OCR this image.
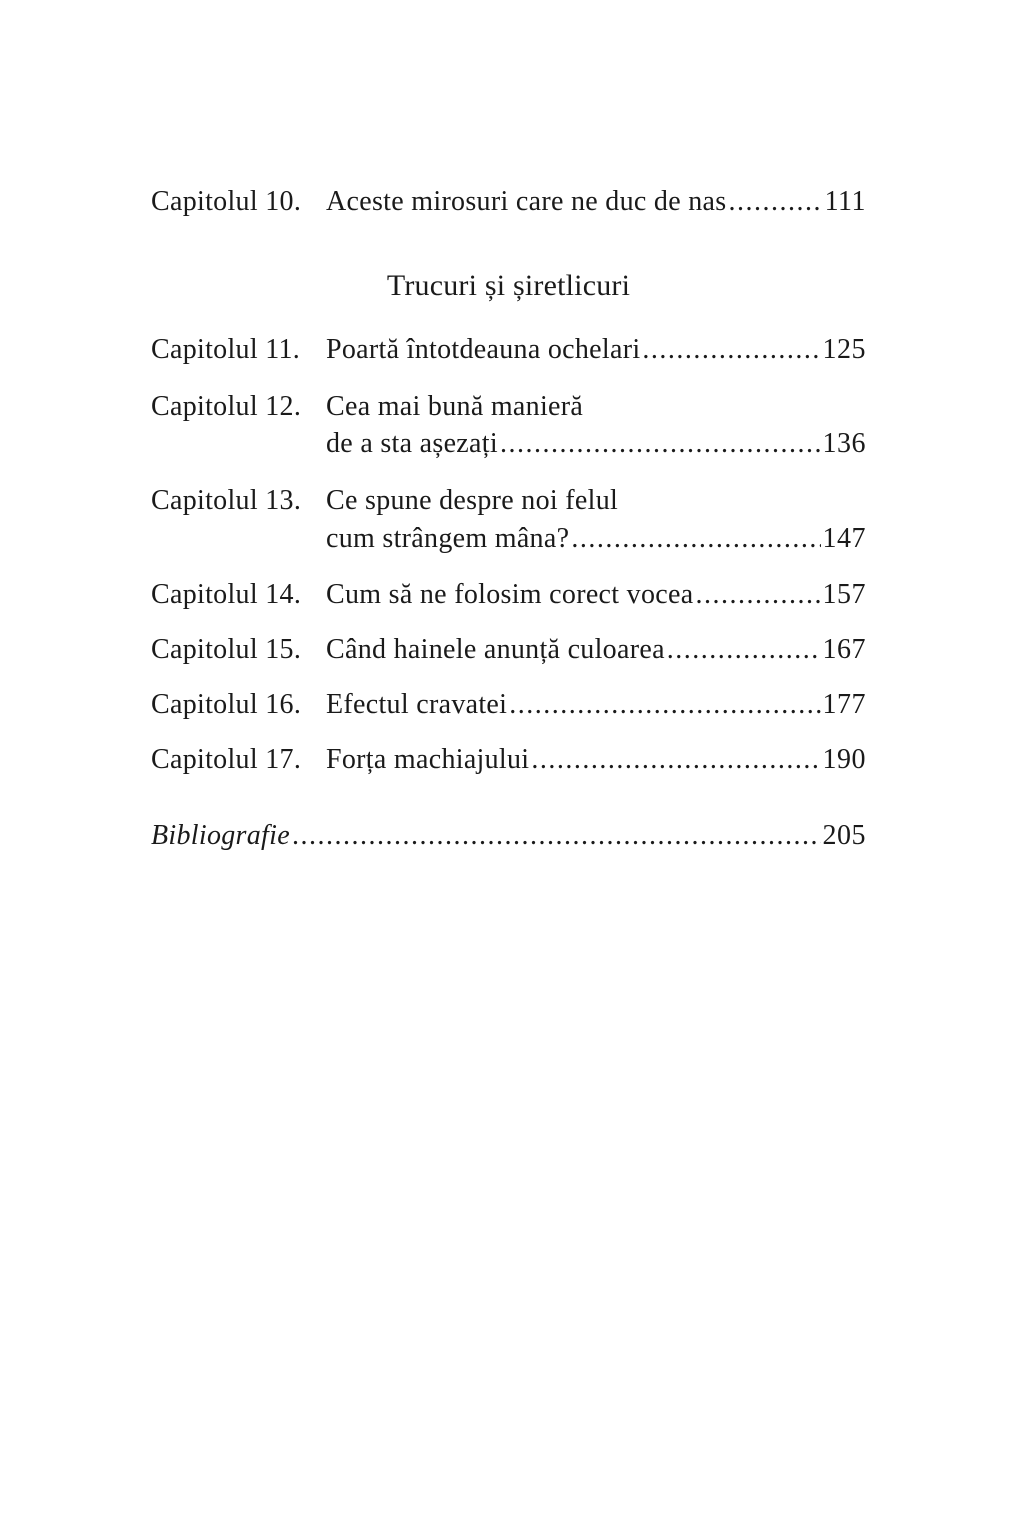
Capitolul 10. Aceste mirosuri care ne duc de nas .....	111
Trucuri și șiretlicuri
Capitolul 11. Poartă întotdeauna ochelari .....	125
Capitolul 12. Cea mai bună manieră
de a sta așezați .....	136
Capitolul 13. Ce spune despre noi felul
cum strângem mâna? .....	147
Capitolul 14. Cum să ne folosim corect vocea .....	157
Capitolul 15. Când hainele anunță culoarea .....	167
Capitolul 16. Efectul cravatei .....	177
Capitolul 17. Forța machiajului .....	190
Bibliografie .....	205
